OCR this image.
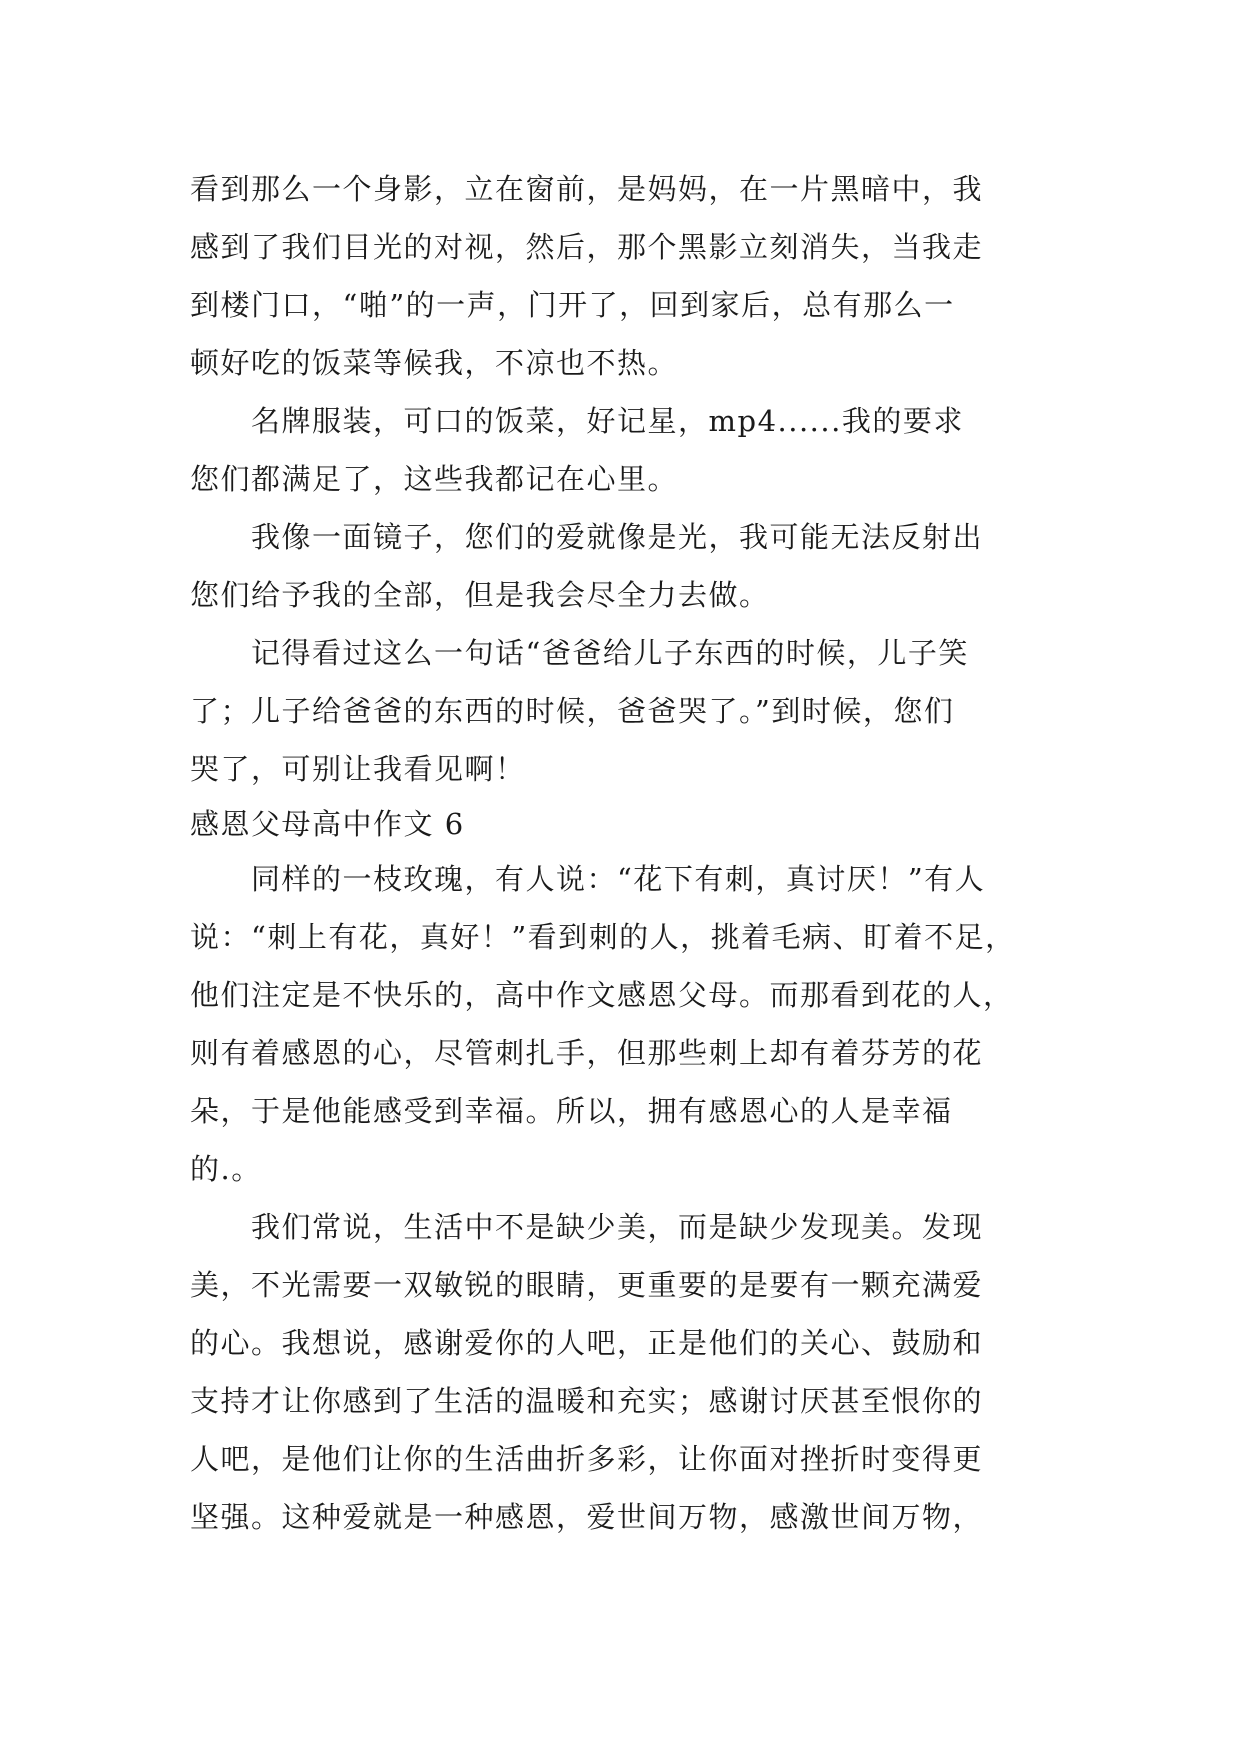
看到那么一个身影，立在窗前，是妈妈，在一片黑暗中，我
感到了我们目光的对视，然后，那个黑影立刻消失，当我走
到楼门口，“啪”的一声，门开了，回到家后，总有那么一
顿好吃的饭菜等候我，不凉也不热。
　　名牌服装，可口的饭菜，好记星，mp4......我的要求
您们都满足了，这些我都记在心里。
　　我像一面镜子，您们的爱就像是光，我可能无法反射出
您们给予我的全部，但是我会尽全力去做。
　　记得看过这么一句话“爸爸给儿子东西的时候，儿子笑
了；儿子给爸爸的东西的时候，爸爸哭了。”到时候，您们
哭了，可别让我看见啊！
感恩父母高中作文 6
　　同样的一枝玫瑰，有人说：“花下有刺，真讨厌！”有人
说：“刺上有花，真好！”看到刺的人，挑着毛病、盯着不足，
他们注定是不快乐的，高中作文感恩父母。而那看到花的人，
则有着感恩的心，尽管刺扎手，但那些刺上却有着芬芳的花
朵，于是他能感受到幸福。所以，拥有感恩心的人是幸福
的.。
　　我们常说，生活中不是缺少美，而是缺少发现美。发现
美，不光需要一双敏锐的眼睛，更重要的是要有一颗充满爱
的心。我想说，感谢爱你的人吧，正是他们的关心、鼓励和
支持才让你感到了生活的温暖和充实；感谢讨厌甚至恨你的
人吧，是他们让你的生活曲折多彩，让你面对挫折时变得更
坚强。这种爱就是一种感恩，爱世间万物，感激世间万物，
